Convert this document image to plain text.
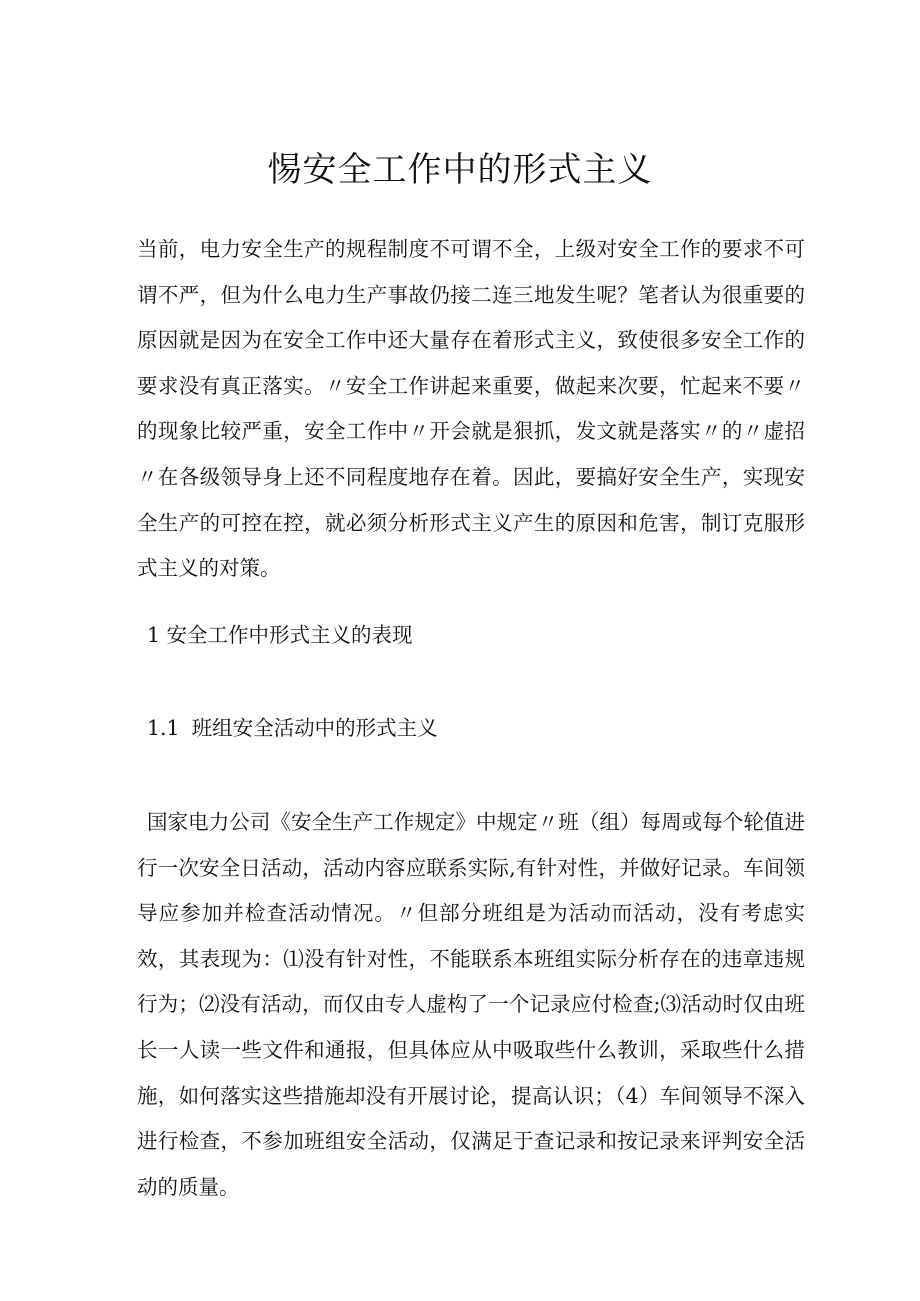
惕安全工作中的形式主义

当前，电力安全生产的规程制度不可谓不全，上级对安全工作的要求不可谓不严，但为什么电力生产事故仍接二连三地发生呢？笔者认为很重要的原因就是因为在安全工作中还大量存在着形式主义，致使很多安全工作的要求没有真正落实。〃安全工作讲起来重要，做起来次要，忙起来不要〃的现象比较严重，安全工作中〃开会就是狠抓，发文就是落实〃的〃虚招〃在各级领导身上还不同程度地存在着。因此，要搞好安全生产，实现安全生产的可控在控，就必须分析形式主义产生的原因和危害，制订克服形式主义的对策。

1 安全工作中形式主义的表现
1.1 班组安全活动中的形式主义

国家电力公司《安全生产工作规定》中规定〃班（组）每周或每个轮值进行一次安全日活动，活动内容应联系实际,有针对性，并做好记录。车间领导应参加并检查活动情况。〃但部分班组是为活动而活动，没有考虑实效，其表现为：⑴没有针对性，不能联系本班组实际分析存在的违章违规行为；⑵没有活动，而仅由专人虚构了一个记录应付检查;⑶活动时仅由班长一人读一些文件和通报，但具体应从中吸取些什么教训，采取些什么措施，如何落实这些措施却没有开展讨论，提高认识；（4）车间领导不深入进行检查，不参加班组安全活动，仅满足于查记录和按记录来评判安全活动的质量。
